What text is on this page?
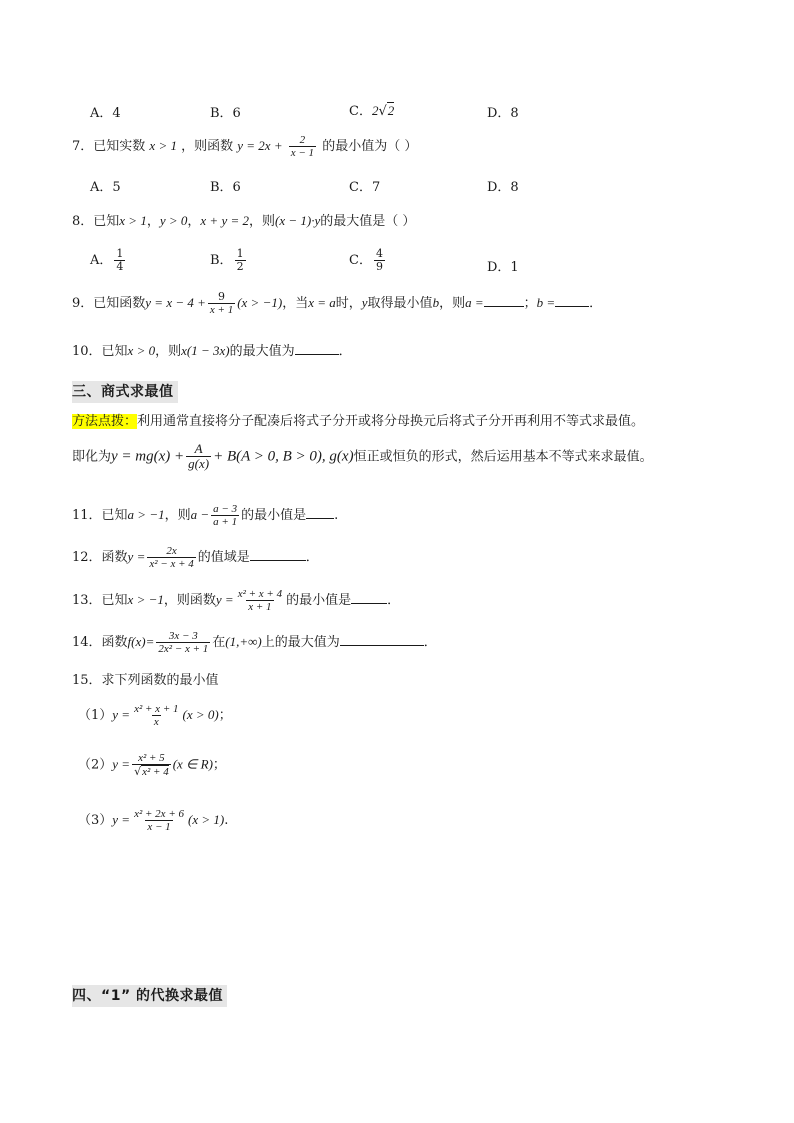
A．4	B．6	C．2√2	D．8
7．已知实数 x > 1 ，则函数 $y = 2x + \frac{2}{x - 1}$ 的最小值为（ ）
A．5	B．6	C．7	D．8
8．已知x > 1，y > 0，x + y = 2，则(x − 1)·y的最大值是（ ）
A． $\frac{1}{4}$	B． $\frac{1}{2}$	C． $\frac{4}{9}$	D．1
9．已知函数$y = x - 4 + \frac{9}{x + 1} (x > -1)$，当x = a时，y取得最小值b，则a =	；b =	．
10．已知x > 0，则x(1 − 3x)的最大值为	．
三、商式求最值
方法点拨：利用通常直接将分子配凑后将式子分开或将分母换元后将式子分开再利用不等式求最值。
即化为$y = mg(x) + \frac{A}{g(x)} + B(A > 0$, B > 0), g(x)恒正或恒负的形式，然后运用基本不等式来求最值。
11．已知a > −1，则$a - \frac{a - 3}{a + 1}$ 的最小值是 .
12．函数$y = \frac{2x}{\text{x² − x + 4}}$ 的值域是	．
13．已知x > −1，则函数$y = \frac{\text{x² + x + 4}}{x + 1}$ 的最小值是	．
14．函数$f(x)= \frac{3x - 3}{\text{2x² − x + 1}}$ 在(1,+∞)上的最大值为	．
15．求下列函数的最小值
$(1)y = \frac{\text{x² + x + 1}}{x} (x > 0)$；
$(2)y = \frac{\text{x² + 5}}{\text{√x² + 4}} (x$ ∈ R)；
$(3)y = \frac{\text{x² + 2x + 6}}{x - 1} (x > 1)$.
四、“1” 的代换求最值
